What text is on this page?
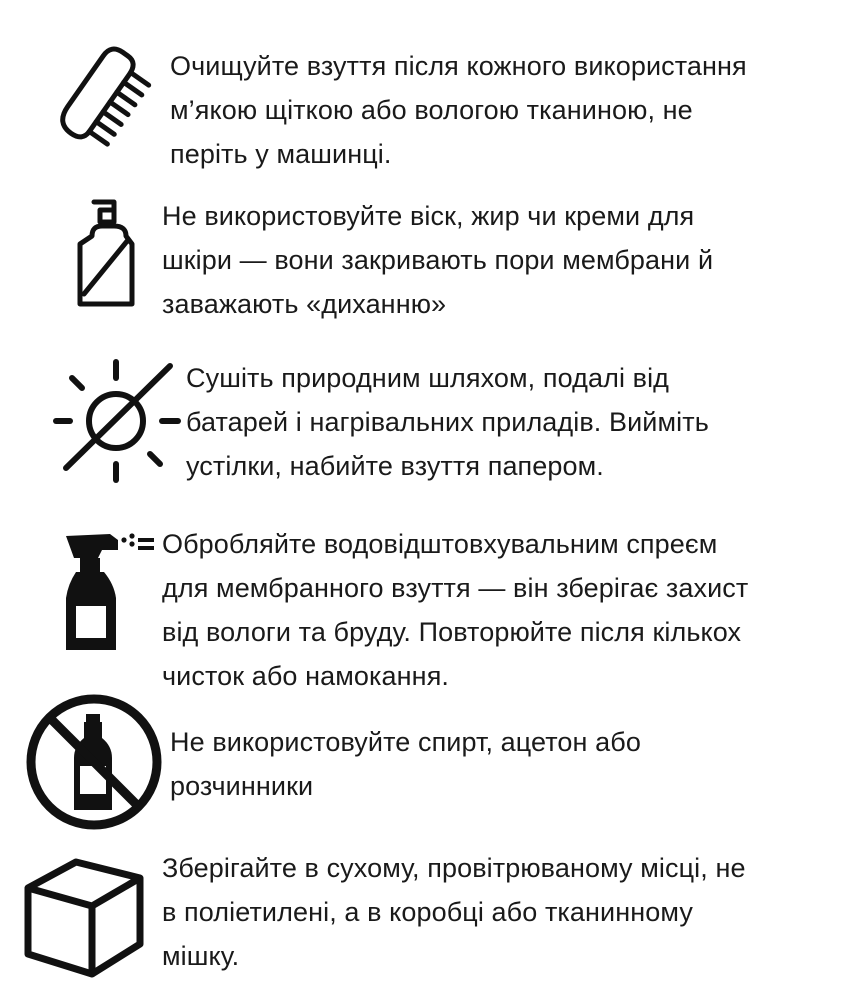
Очищуйте взуття після кожного використання
м’якою щіткою або вологою тканиною, не
періть у машинці.

Не використовуйте віск, жир чи креми для
шкіри — вони закривають пори мембрани й
заважають «диханню»

Сушіть природним шляхом, подалі від
батарей і нагрівальних приладів. Вийміть
устілки, набийте взуття папером.

Обробляйте водовідштовхувальним спреєм
для мембранного взуття — він зберігає захист
від вологи та бруду. Повторюйте після кількох
чисток або намокання.

Не використовуйте спирт, ацетон або
розчинники

Зберігайте в сухому, провітрюваному місці, не
в поліетилені, а в коробці або тканинному
мішку.
